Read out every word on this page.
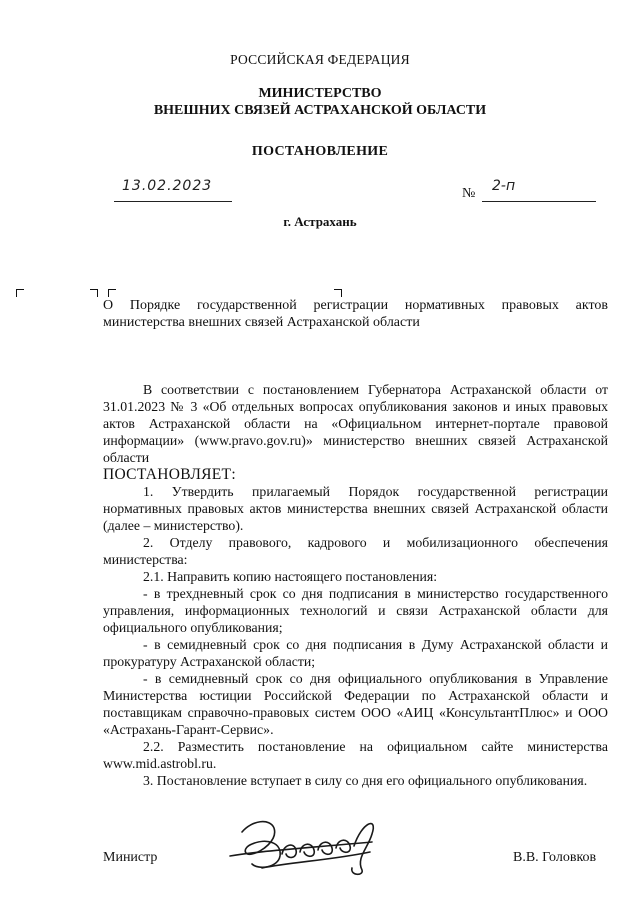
РОССИЙСКАЯ ФЕДЕРАЦИЯ
МИНИСТЕРСТВО
ВНЕШНИХ СВЯЗЕЙ АСТРАХАНСКОЙ ОБЛАСТИ
ПОСТАНОВЛЕНИЕ
13.02.2023	№ 2-п
г. Астрахань
О Порядке государственной регистрации нормативных правовых актов министерства внешних связей Астраханской области

В соответствии с постановлением Губернатора Астраханской области от 31.01.2023 № 3 «Об отдельных вопросах опубликования законов и иных правовых актов Астраханской области на «Официальном интернет-портале правовой информации» (www.pravo.gov.ru)» министерство внешних связей Астраханской области

ПОСТАНОВЛЯЕТ:

1. Утвердить прилагаемый Порядок государственной регистрации нормативных правовых актов министерства внешних связей Астраханской области (далее – министерство).

2. Отделу правового, кадрового и мобилизационного обеспечения министерства:

2.1. Направить копию настоящего постановления:

- в трехдневный срок со дня подписания в министерство государственного управления, информационных технологий и связи Астраханской области для официального опубликования;

- в семидневный срок со дня подписания в Думу Астраханской области и прокуратуру Астраханской области;

- в семидневный срок со дня официального опубликования в Управление Министерства юстиции Российской Федерации по Астраханской области и поставщикам справочно-правовых систем ООО «АИЦ «КонсультантПлюс» и ООО «Астрахань-Гарант-Сервис».

2.2. Разместить постановление на официальном сайте министерства www.mid.astrobl.ru.

3. Постановление вступает в силу со дня его официального опубликования.

Министр	В.В. Головков
